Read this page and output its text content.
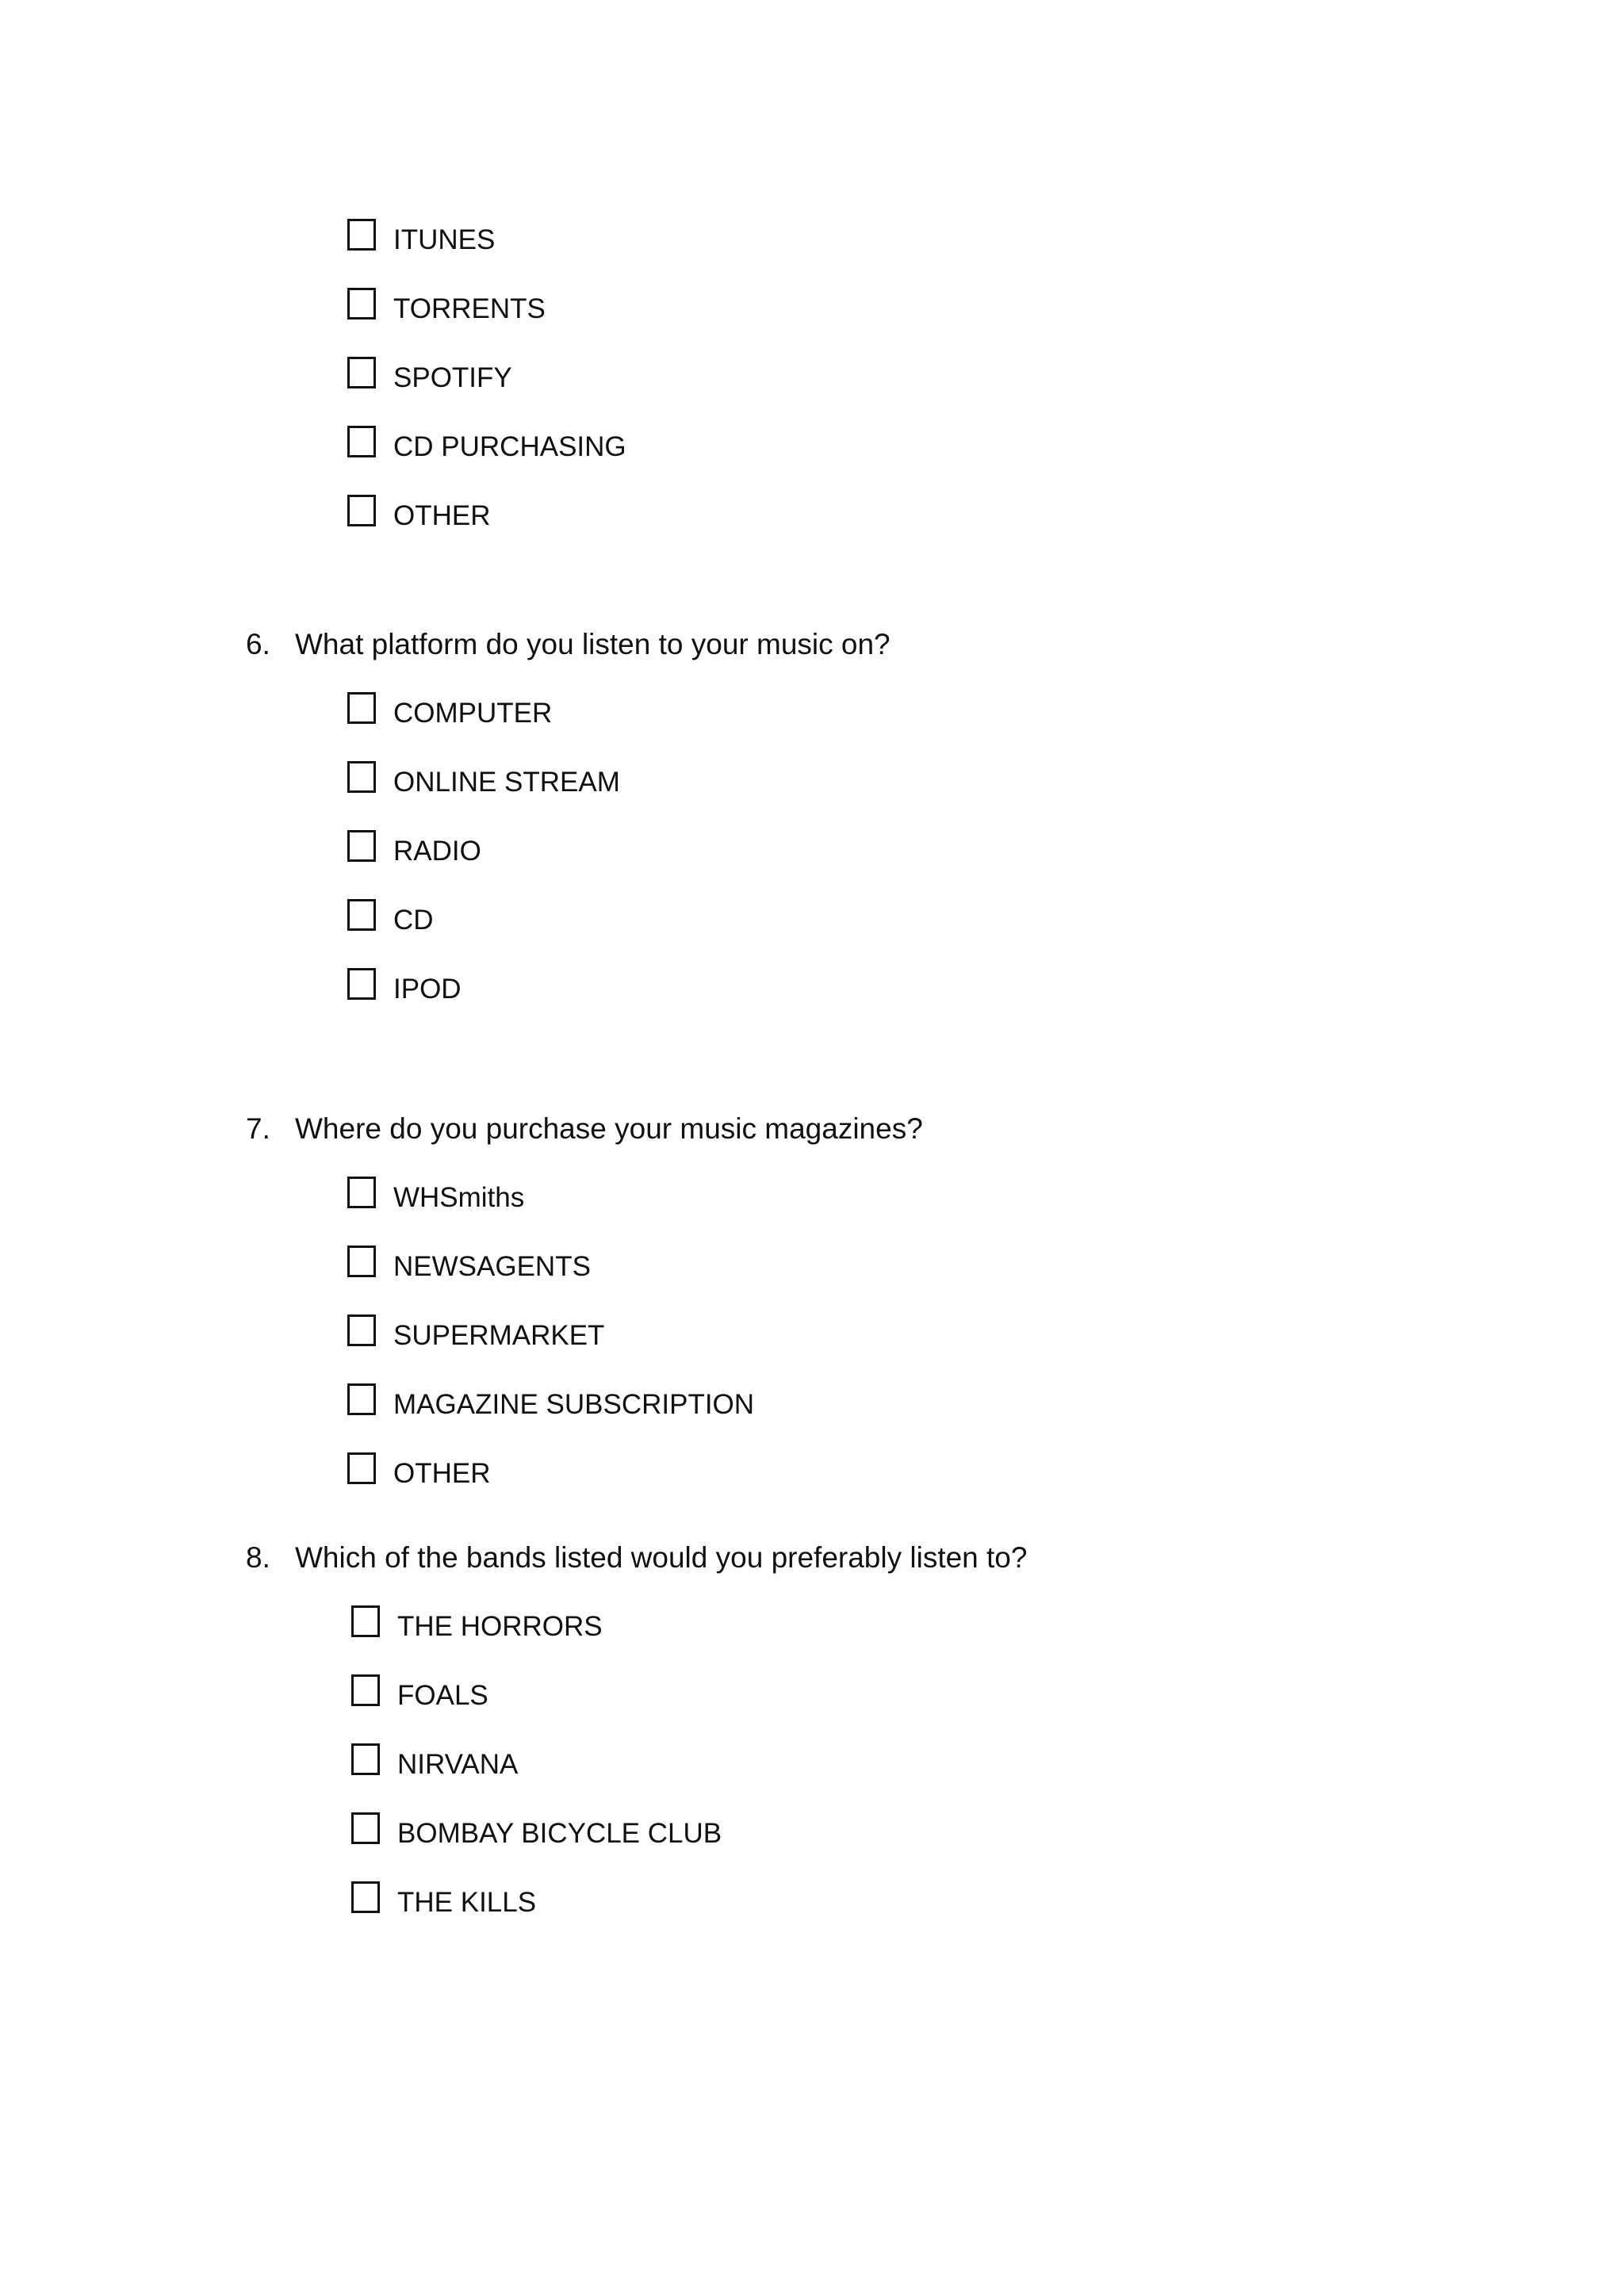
ITUNES
TORRENTS
SPOTIFY
CD PURCHASING
OTHER
6. What platform do you listen to your music on?
COMPUTER
ONLINE STREAM
RADIO
CD
IPOD
7. Where do you purchase your music magazines?
WHSmiths
NEWSAGENTS
SUPERMARKET
MAGAZINE SUBSCRIPTION
OTHER
8. Which of the bands listed would you preferably listen to?
THE HORRORS
FOALS
NIRVANA
BOMBAY BICYCLE CLUB
THE KILLS
